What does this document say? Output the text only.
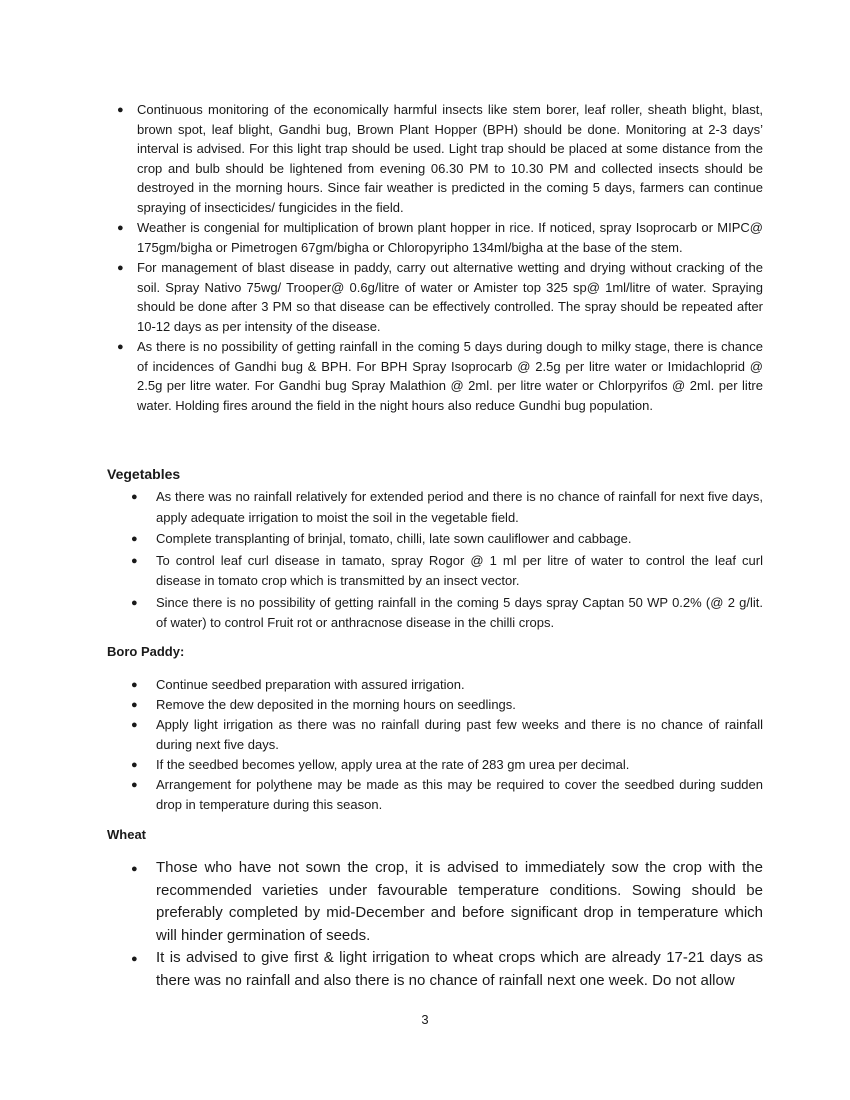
● Continuous monitoring of the economically harmful insects like stem borer, leaf roller, sheath blight, blast, brown spot, leaf blight, Gandhi bug, Brown Plant Hopper (BPH) should be done. Monitoring at 2-3 days’ interval is advised. For this light trap should be used. Light trap should be placed at some distance from the crop and bulb should be lightened from evening 06.30 PM to 10.30 PM and collected insects should be destroyed in the morning hours. Since fair weather is predicted in the coming 5 days, farmers can continue spraying of insecticides/ fungicides in the field.
● Weather is congenial for multiplication of brown plant hopper in rice. If noticed, spray Isoprocarb or MIPC@ 175gm/bigha or Pimetrogen 67gm/bigha or Chloropyripho 134ml/bigha at the base of the stem.
● For management of blast disease in paddy, carry out alternative wetting and drying without cracking of the soil. Spray Nativo 75wg/ Trooper@ 0.6g/litre of water or Amister top 325 sp@ 1ml/litre of water. Spraying should be done after 3 PM so that disease can be effectively controlled. The spray should be repeated after 10-12 days as per intensity of the disease.
● As there is no possibility of getting rainfall in the coming 5 days during dough to milky stage, there is chance of incidences of Gandhi bug & BPH. For BPH Spray Isoprocarb @ 2.5g per litre water or Imidachloprid @ 2.5g per litre water. For Gandhi bug Spray Malathion @ 2ml. per litre water or Chlorpyrifos @ 2ml. per litre water. Holding fires around the field in the night hours also reduce Gundhi bug population.
Vegetables
● As there was no rainfall relatively for extended period and there is no chance of rainfall for next five days, apply adequate irrigation to moist the soil in the vegetable field.
● Complete transplanting of brinjal, tomato, chilli, late sown cauliflower and cabbage.
● To control leaf curl disease in tamato, spray Rogor @ 1 ml per litre of water to control the leaf curl disease in tomato crop which is transmitted by an insect vector.
● Since there is no possibility of getting rainfall in the coming 5 days spray Captan 50 WP 0.2% (@ 2 g/lit. of water) to control Fruit rot or anthracnose disease in the chilli crops.
Boro Paddy:
● Continue seedbed preparation with assured irrigation.
● Remove the dew deposited in the morning hours on seedlings.
● Apply light irrigation as there was no rainfall during past few weeks and there is no chance of rainfall during next five days.
● If the seedbed becomes yellow, apply urea at the rate of 283 gm urea per decimal.
● Arrangement for polythene may be made as this may be required to cover the seedbed during sudden drop in temperature during this season.
Wheat
● Those who have not sown the crop, it is advised to immediately sow the crop with the recommended varieties under favourable temperature conditions. Sowing should be preferably completed by mid-December and before significant drop in temperature which will hinder germination of seeds.
● It is advised to give first & light irrigation to wheat crops which are already 17-21 days as there was no rainfall and also there is no chance of rainfall next one week. Do not allow
3
